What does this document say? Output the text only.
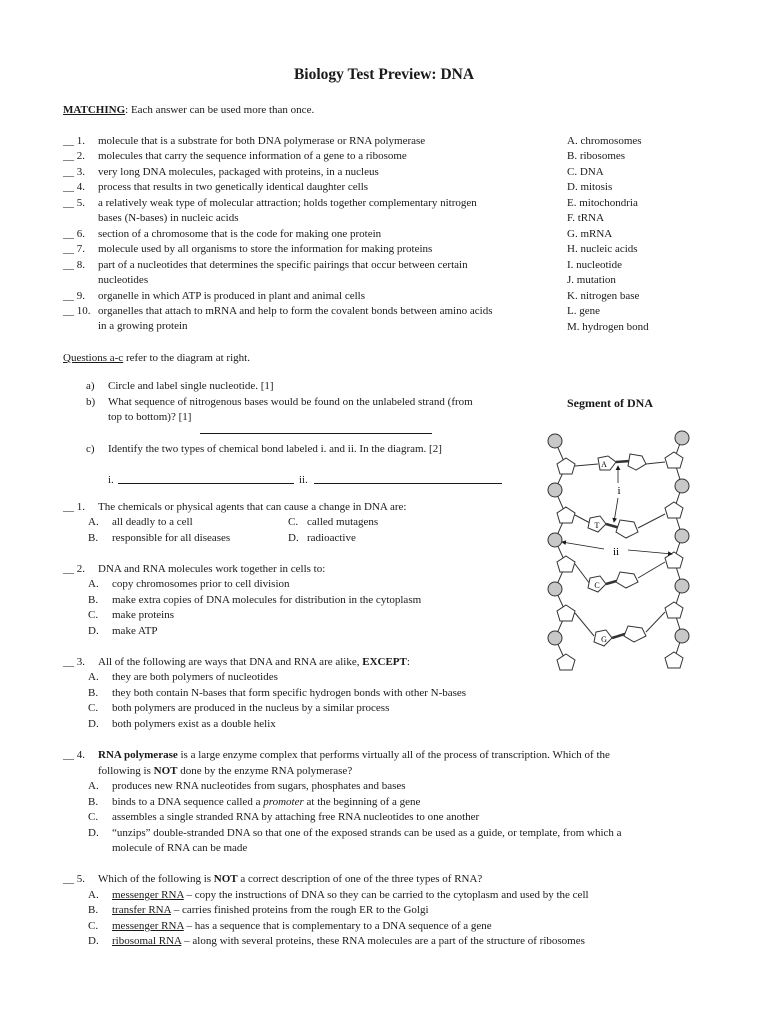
Biology Test Preview: DNA
MATCHING: Each answer can be used more than once.
__ 1. molecule that is a substrate for both DNA polymerase or RNA polymerase
__ 2. molecules that carry the sequence information of a gene to a ribosome
__ 3. very long DNA molecules, packaged with proteins, in a nucleus
__ 4. process that results in two genetically identical daughter cells
__ 5. a relatively weak type of molecular attraction; holds together complementary nitrogen
bases (N-bases) in nucleic acids
__ 6. section of a chromosome that is the code for making one protein
__ 7. molecule used by all organisms to store the information for making proteins
__ 8. part of a nucleotides that determines the specific pairings that occur between certain
nucleotides
__ 9. organelle in which ATP is produced in plant and animal cells
__ 10. organelles that attach to mRNA and help to form the covalent bonds between amino acids
in a growing protein
A. chromosomes
B. ribosomes
C. DNA
D. mitosis
E. mitochondria
F. tRNA
G. mRNA
H. nucleic acids
I. nucleotide
J. mutation
K. nitrogen base
L. gene
M. hydrogen bond
Questions a-c refer to the diagram at right.
a) Circle and label single nucleotide. [1]
b) What sequence of nitrogenous bases would be found on the unlabeled strand (from
top to bottom)? [1]
c) Identify the two types of chemical bond labeled i. and ii. In the diagram. [2]
i.	ii.
Segment of DNA
A
T
C
G
i
ii
__ 1. The chemicals or physical agents that can cause a change in DNA are:
A. all deadly to a cell
B. responsible for all diseases
C. called mutagens
D. radioactive
__ 2. DNA and RNA molecules work together in cells to:
A. copy chromosomes prior to cell division
B. make extra copies of DNA molecules for distribution in the cytoplasm
C. make proteins
D. make ATP
__ 3. All of the following are ways that DNA and RNA are alike, EXCEPT:
A. they are both polymers of nucleotides
B. they both contain N-bases that form specific hydrogen bonds with other N-bases
C. both polymers are produced in the nucleus by a similar process
D. both polymers exist as a double helix
__ 4. RNA polymerase is a large enzyme complex that performs virtually all of the process of transcription. Which of the
following is NOT done by the enzyme RNA polymerase?
A. produces new RNA nucleotides from sugars, phosphates and bases
B. binds to a DNA sequence called a promoter at the beginning of a gene
C. assembles a single stranded RNA by attaching free RNA nucleotides to one another
D. “unzips” double-stranded DNA so that one of the exposed strands can be used as a guide, or template, from which a
molecule of RNA can be made
__ 5. Which of the following is NOT a correct description of one of the three types of RNA?
A. messenger RNA – copy the instructions of DNA so they can be carried to the cytoplasm and used by the cell
B. transfer RNA – carries finished proteins from the rough ER to the Golgi
C. messenger RNA – has a sequence that is complementary to a DNA sequence of a gene
D. ribosomal RNA – along with several proteins, these RNA molecules are a part of the structure of ribosomes
